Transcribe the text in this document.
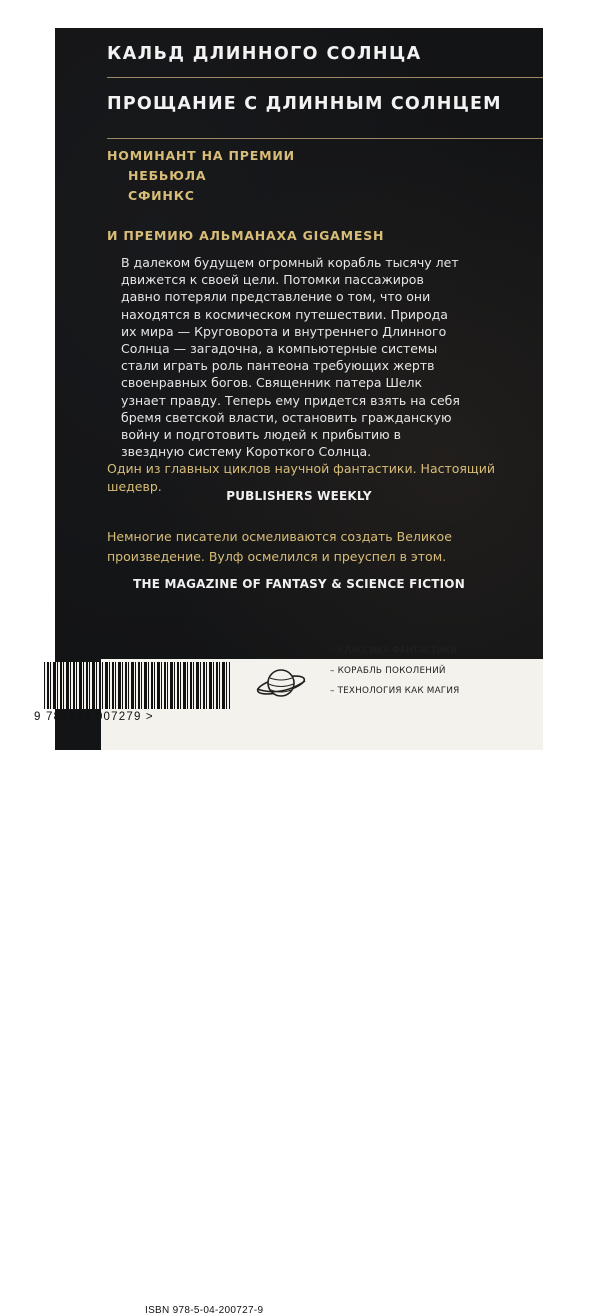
КАЛЬД ДЛИННОГО СОЛНЦА
ПРОЩАНИЕ С ДЛИННЫМ СОЛНЦЕМ
НОМИНАНТ НА ПРЕМИИ
НЕБЬЮЛА
СФИНКС
И ПРЕМИЮ АЛЬМАНАХА GIGAMESH
В далеком будущем огромный корабль тысячу лет движется к своей цели. Потомки пассажиров давно потеряли представление о том, что они находятся в космическом путешествии. Природа их мира — Круговорота и внутреннего Длинного Солнца — загадочна, а компьютерные системы стали играть роль пантеона требующих жертв своенравных богов. Священник патера Шелк узнает правду. Теперь ему придется взять на себя бремя светской власти, остановить гражданскую войну и подготовить людей к прибытию в звездную систему Короткого Солнца.
Один из главных циклов научной фантастики. Настоящий шедевр.
PUBLISHERS WEEKLY
Немногие писатели осмеливаются создать Великое произведение. Вулф осмелился и преуспел в этом.
THE MAGAZINE OF FANTASY & SCIENCE FICTION
ISBN 978-5-04-200727-9
9 785042 007279 >
– КЛАССИКА ФАНТАСТИКИ
– КОРАБЛЬ ПОКОЛЕНИЙ
– ТЕХНОЛОГИЯ КАК МАГИЯ
